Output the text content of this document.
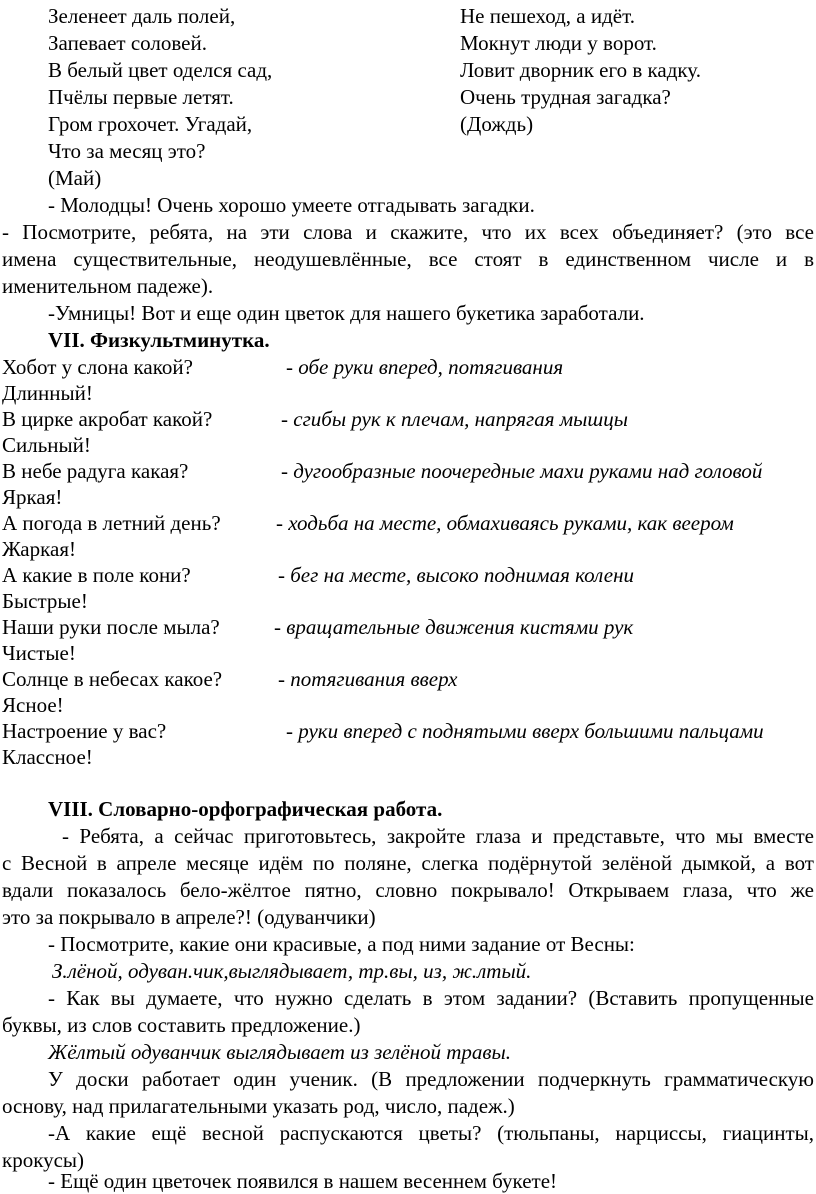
Зеленеет даль полей,
Запевает соловей.
В белый цвет оделся сад,
Пчёлы первые летят.
Гром грохочет. Угадай,
Что за месяц это?
(Май)
Не пешеход, а идёт.
Мокнут люди у ворот.
Ловит дворник его в кадку.
Очень трудная загадка?
(Дождь)
- Молодцы! Очень хорошо умеете отгадывать загадки.
- Посмотрите, ребята, на эти слова и скажите, что их всех объединяет? (это все
имена существительные, неодушевлённые, все стоят в единственном числе и в
именительном падеже).
-Умницы! Вот и еще один цветок для нашего букетика заработали.
VII. Физкультминутка.
Хобот у слона какой?	- обе руки вперед, потягивания
Длинный!
В цирке акробат какой?	- сгибы рук к плечам, напрягая мышцы
Сильный!
В небе радуга какая?	- дугообразные поочередные махи руками над головой
Яркая!
А погода в летний день?	- ходьба на месте, обмахиваясь руками, как веером
Жаркая!
А какие в поле кони?	- бег на месте, высоко поднимая колени
Быстрые!
Наши руки после мыла?	- вращательные движения кистями рук
Чистые!
Солнце в небесах какое?	- потягивания вверх
Ясное!
Настроение у вас?	- руки вперед с поднятыми вверх большими пальцами
Классное!
VIII. Словарно-орфографическая работа.
- Ребята, а сейчас приготовьтесь, закройте глаза и представьте, что мы вместе
с Весной в апреле месяце идём по поляне, слегка подёрнутой зелёной дымкой, а вот
вдали показалось бело-жёлтое пятно, словно покрывало! Открываем глаза, что же
это за покрывало в апреле?! (одуванчики)
- Посмотрите, какие они красивые, а под ними задание от Весны:
З.лёной, одуван.чик,выглядывает, тр.вы, из, ж.лтый.
- Как вы думаете, что нужно сделать в этом задании? (Вставить пропущенные
буквы, из слов составить предложение.)
Жёлтый одуванчик выглядывает из зелёной травы.
У доски работает один ученик. (В предложении подчеркнуть грамматическую
основу, над прилагательными указать род, число, падеж.)
-А какие ещё весной распускаются цветы? (тюльпаны, нарциссы, гиацинты,
крокусы)
- Ещё один цветочек появился в нашем весеннем букете!
